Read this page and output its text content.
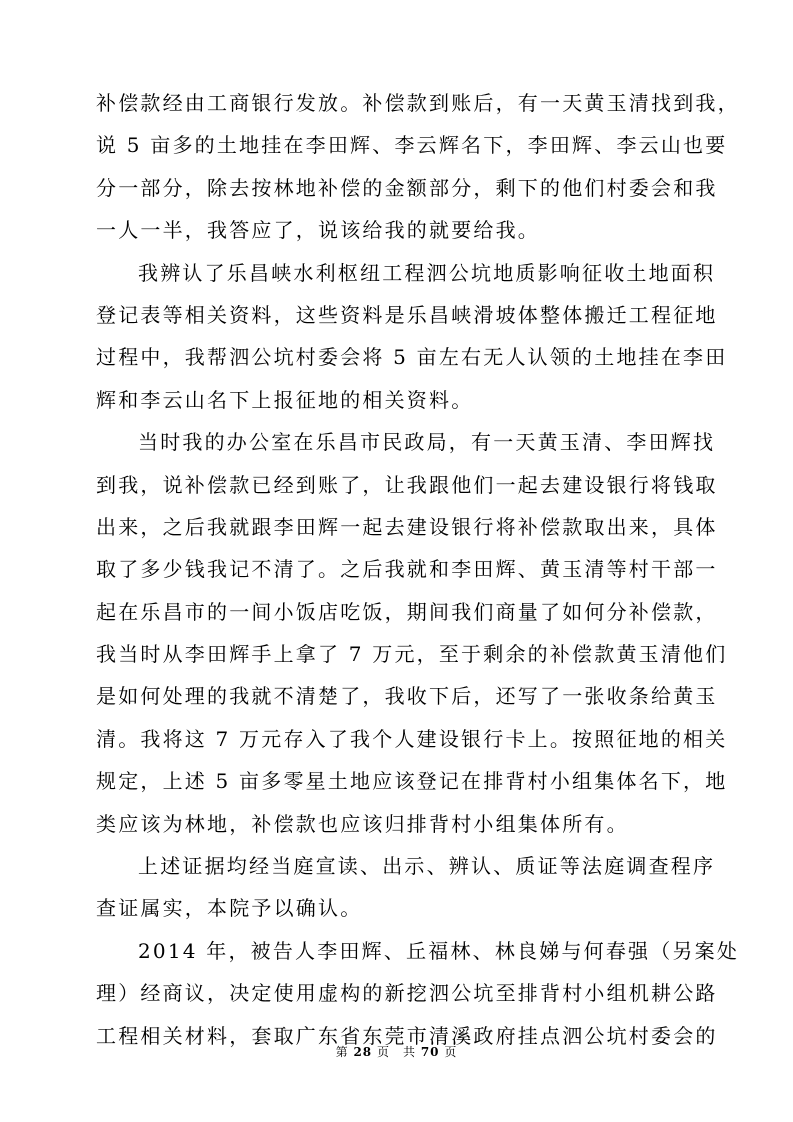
补偿款经由工商银行发放。补偿款到账后，有一天黄玉清找到我，
说 5 亩多的土地挂在李田辉、李云辉名下，李田辉、李云山也要
分一部分，除去按林地补偿的金额部分，剩下的他们村委会和我
一人一半，我答应了，说该给我的就要给我。
我辨认了乐昌峡水利枢纽工程泗公坑地质影响征收土地面积
登记表等相关资料，这些资料是乐昌峡滑坡体整体搬迁工程征地
过程中，我帮泗公坑村委会将 5 亩左右无人认领的土地挂在李田
辉和李云山名下上报征地的相关资料。
当时我的办公室在乐昌市民政局，有一天黄玉清、李田辉找
到我，说补偿款已经到账了，让我跟他们一起去建设银行将钱取
出来，之后我就跟李田辉一起去建设银行将补偿款取出来，具体
取了多少钱我记不清了。之后我就和李田辉、黄玉清等村干部一
起在乐昌市的一间小饭店吃饭，期间我们商量了如何分补偿款，
我当时从李田辉手上拿了 7 万元，至于剩余的补偿款黄玉清他们
是如何处理的我就不清楚了，我收下后，还写了一张收条给黄玉
清。我将这 7 万元存入了我个人建设银行卡上。按照征地的相关
规定，上述 5 亩多零星土地应该登记在排背村小组集体名下，地
类应该为林地，补偿款也应该归排背村小组集体所有。
上述证据均经当庭宣读、出示、辨认、质证等法庭调查程序
查证属实，本院予以确认。
2014 年，被告人李田辉、丘福林、林良娣与何春强（另案处
理）经商议，决定使用虚构的新挖泗公坑至排背村小组机耕公路
工程相关材料，套取广东省东莞市清溪政府挂点泗公坑村委会的
第 28 页　共 70 页
